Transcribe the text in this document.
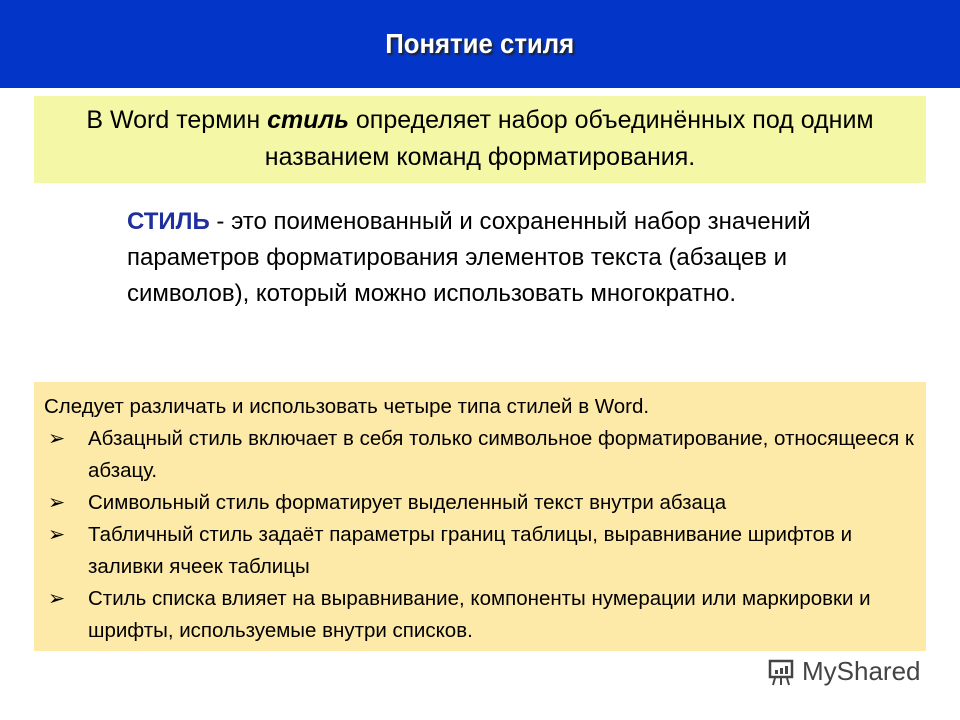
Понятие стиля
В Word термин стиль определяет набор объединённых под одним названием команд форматирования.
СТИЛЬ - это поименованный и сохраненный набор значений параметров форматирования элементов текста (абзацев и символов), который можно использовать многократно.
Следует различать и использовать четыре типа стилей в Word.
➢	Абзацный стиль включает в себя только символьное форматирование, относящееся к абзацу.
➢	Символьный стиль форматирует выделенный текст внутри абзаца
➢	Табличный стиль задаёт параметры границ таблицы, выравнивание шрифтов и заливки ячеек таблицы
➢	Стиль списка влияет на выравнивание, компоненты нумерации или маркировки и шрифты, используемые внутри списков.
MyShared
